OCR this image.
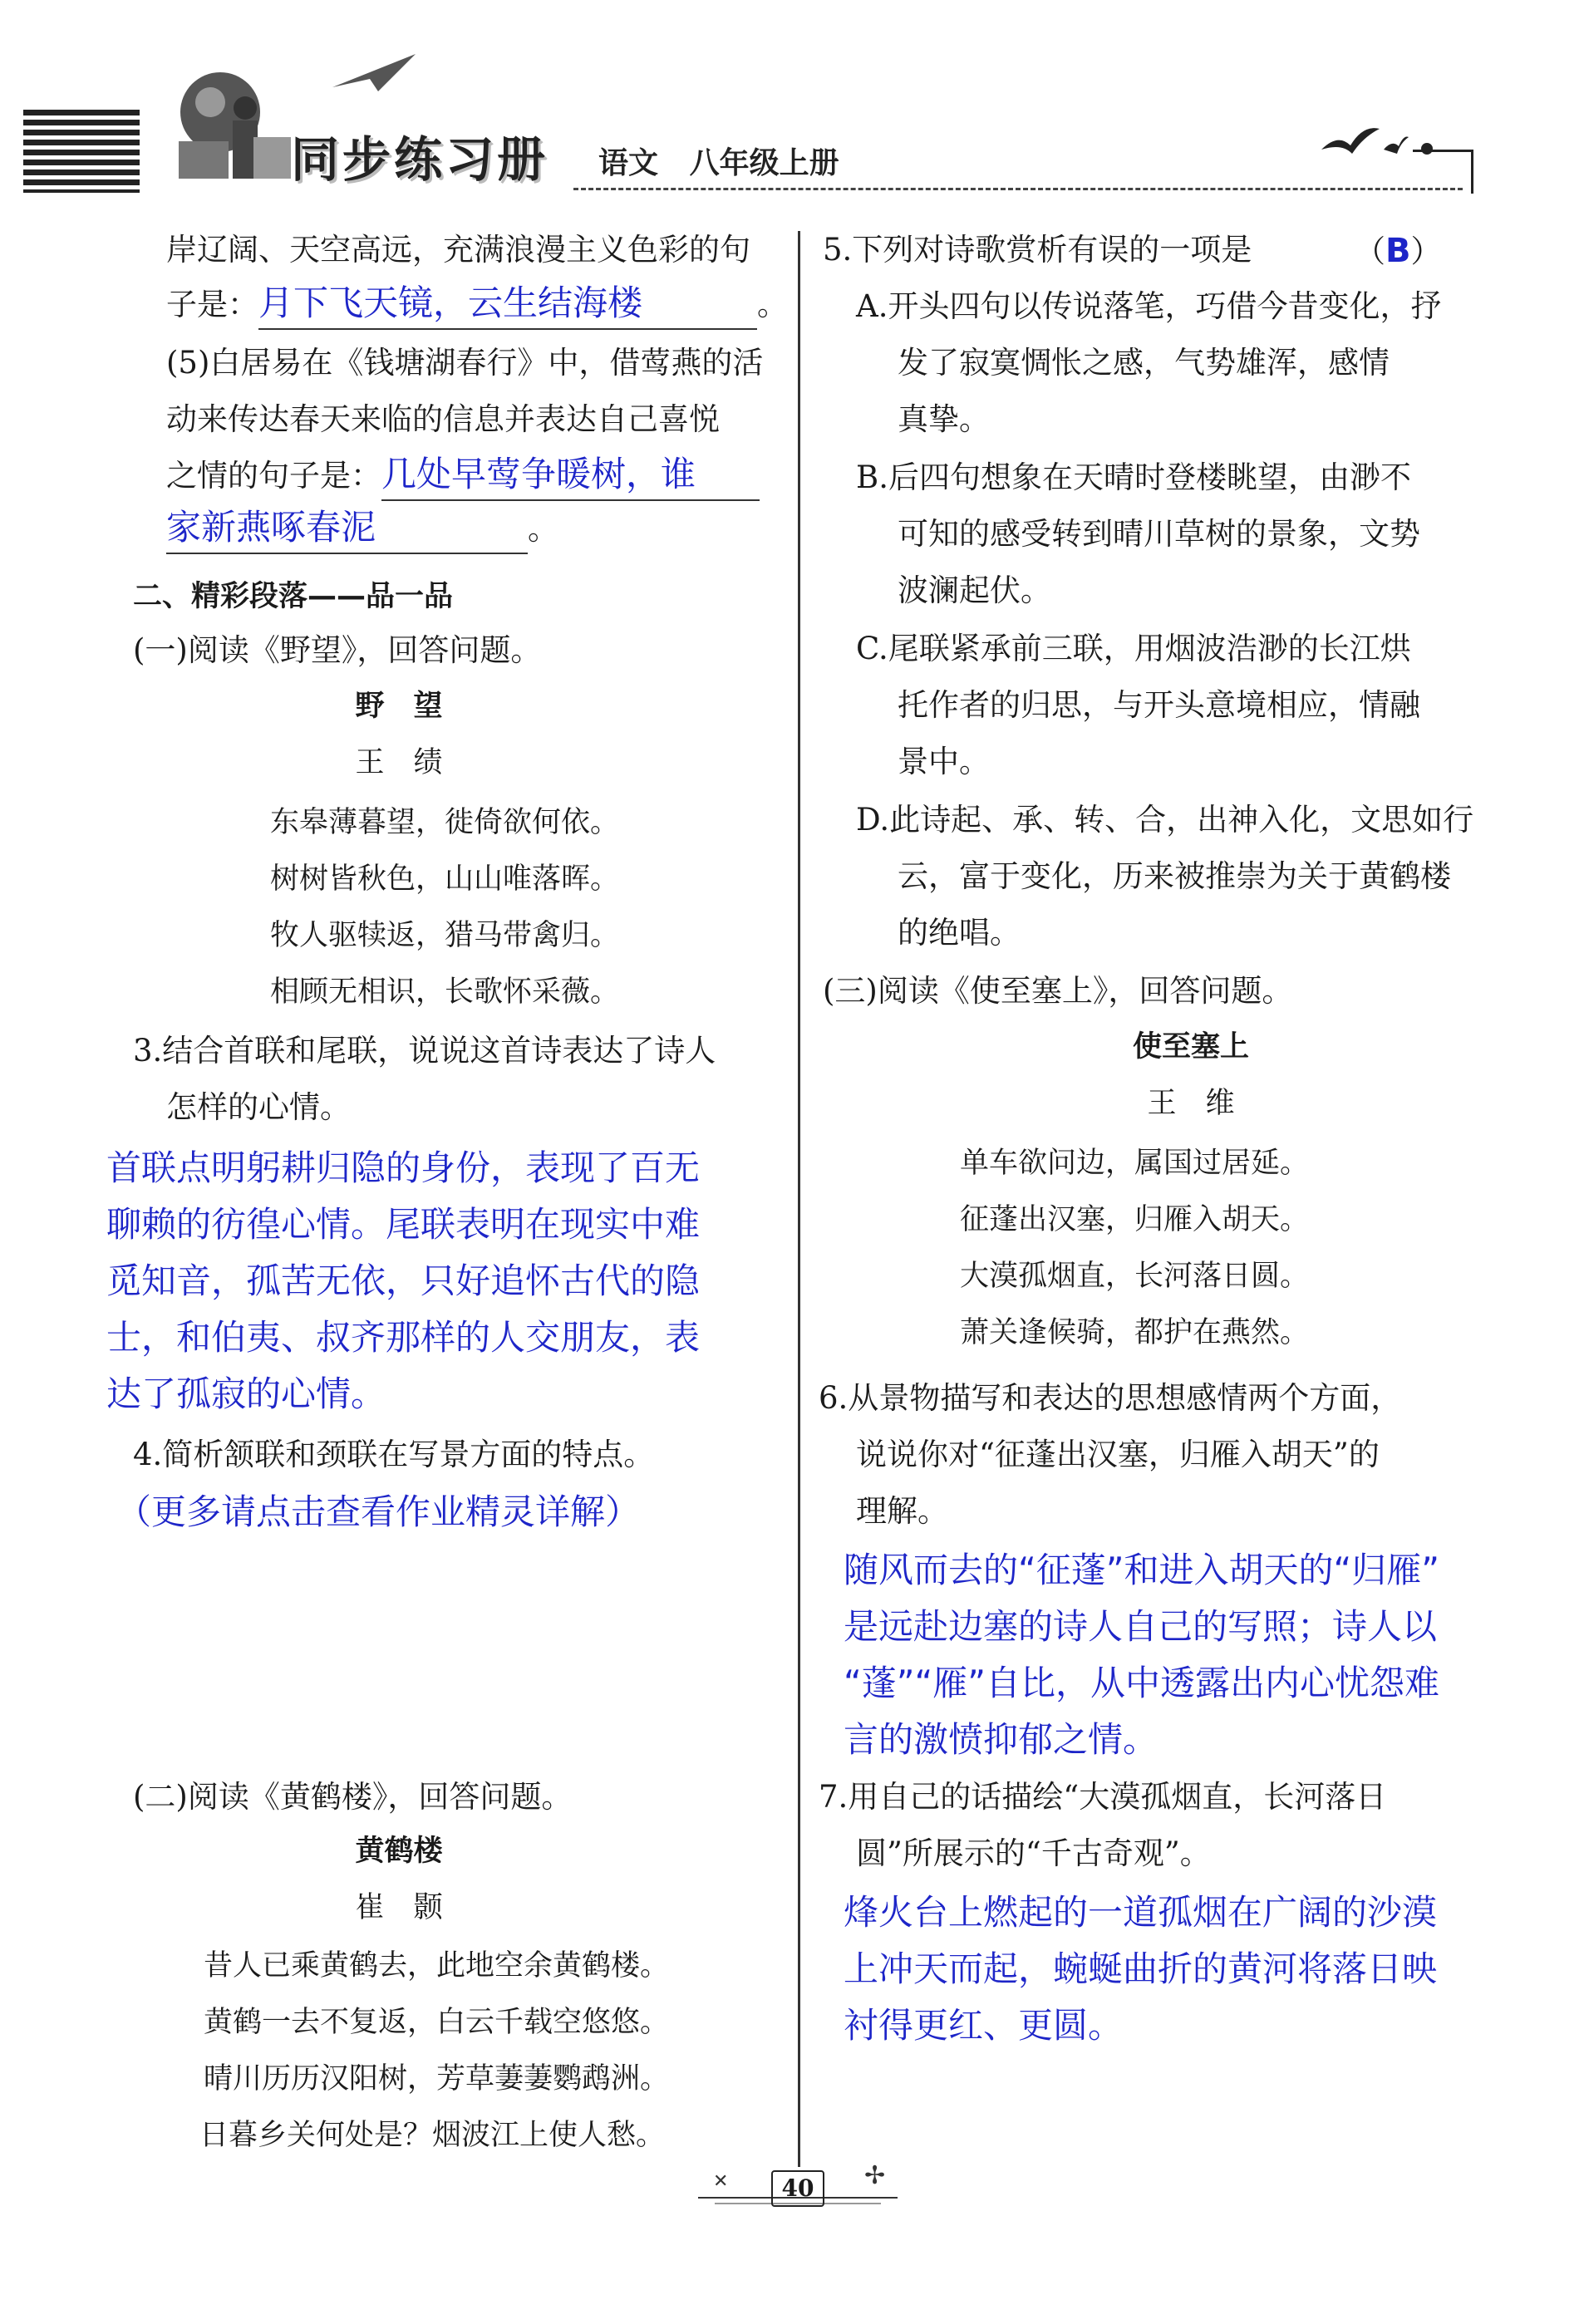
同步练习册 语文 八年级上册
岸辽阔、天空高远，充满浪漫主义色彩的句
子是：月下飞天镜，云生结海楼	。
(5)白居易在《钱塘湖春行》中，借莺燕的活
动来传达春天来临的信息并表达自己喜悦
之情的句子是：几处早莺争暖树，谁
家新燕啄春泥	。
二、精彩段落——品一品
(一)阅读《野望》，回答问题。
野　望
王　绩
东皋薄暮望，徙倚欲何依。
树树皆秋色，山山唯落晖。
牧人驱犊返，猎马带禽归。
相顾无相识，长歌怀采薇。
3.结合首联和尾联，说说这首诗表达了诗人
怎样的心情。
首联点明躬耕归隐的身份，表现了百无
聊赖的彷徨心情。尾联表明在现实中难
觅知音，孤苦无依，只好追怀古代的隐
士，和伯夷、叔齐那样的人交朋友，表
达了孤寂的心情。
4.简析颔联和颈联在写景方面的特点。
（更多请点击查看作业精灵详解）
(二)阅读《黄鹤楼》，回答问题。
黄鹤楼
崔　颢
昔人已乘黄鹤去，此地空余黄鹤楼。
黄鹤一去不复返，白云千载空悠悠。
晴川历历汉阳树，芳草萋萋鹦鹉洲。
日暮乡关何处是？烟波江上使人愁。
5.下列对诗歌赏析有误的一项是	（B）
A.开头四句以传说落笔，巧借今昔变化，抒
发了寂寞惆怅之感，气势雄浑，感情
真挚。
B.后四句想象在天晴时登楼眺望，由渺不
可知的感受转到晴川草树的景象，文势
波澜起伏。
C.尾联紧承前三联，用烟波浩渺的长江烘
托作者的归思，与开头意境相应，情融
景中。
D.此诗起、承、转、合，出神入化，文思如行
云，富于变化，历来被推崇为关于黄鹤楼
的绝唱。
(三)阅读《使至塞上》，回答问题。
使至塞上
王　维
单车欲问边，属国过居延。
征蓬出汉塞，归雁入胡天。
大漠孤烟直，长河落日圆。
萧关逢候骑，都护在燕然。
6.从景物描写和表达的思想感情两个方面，
说说你对“征蓬出汉塞，归雁入胡天”的
理解。
随风而去的“征蓬”和进入胡天的“归雁”
是远赴边塞的诗人自己的写照；诗人以
“蓬”“雁”自比，从中透露出内心忧怨难
言的激愤抑郁之情。
7.用自己的话描绘“大漠孤烟直，长河落日
圆”所展示的“千古奇观”。
烽火台上燃起的一道孤烟在广阔的沙漠
上冲天而起，蜿蜒曲折的黄河将落日映
衬得更红、更圆。
✕	✢
40
